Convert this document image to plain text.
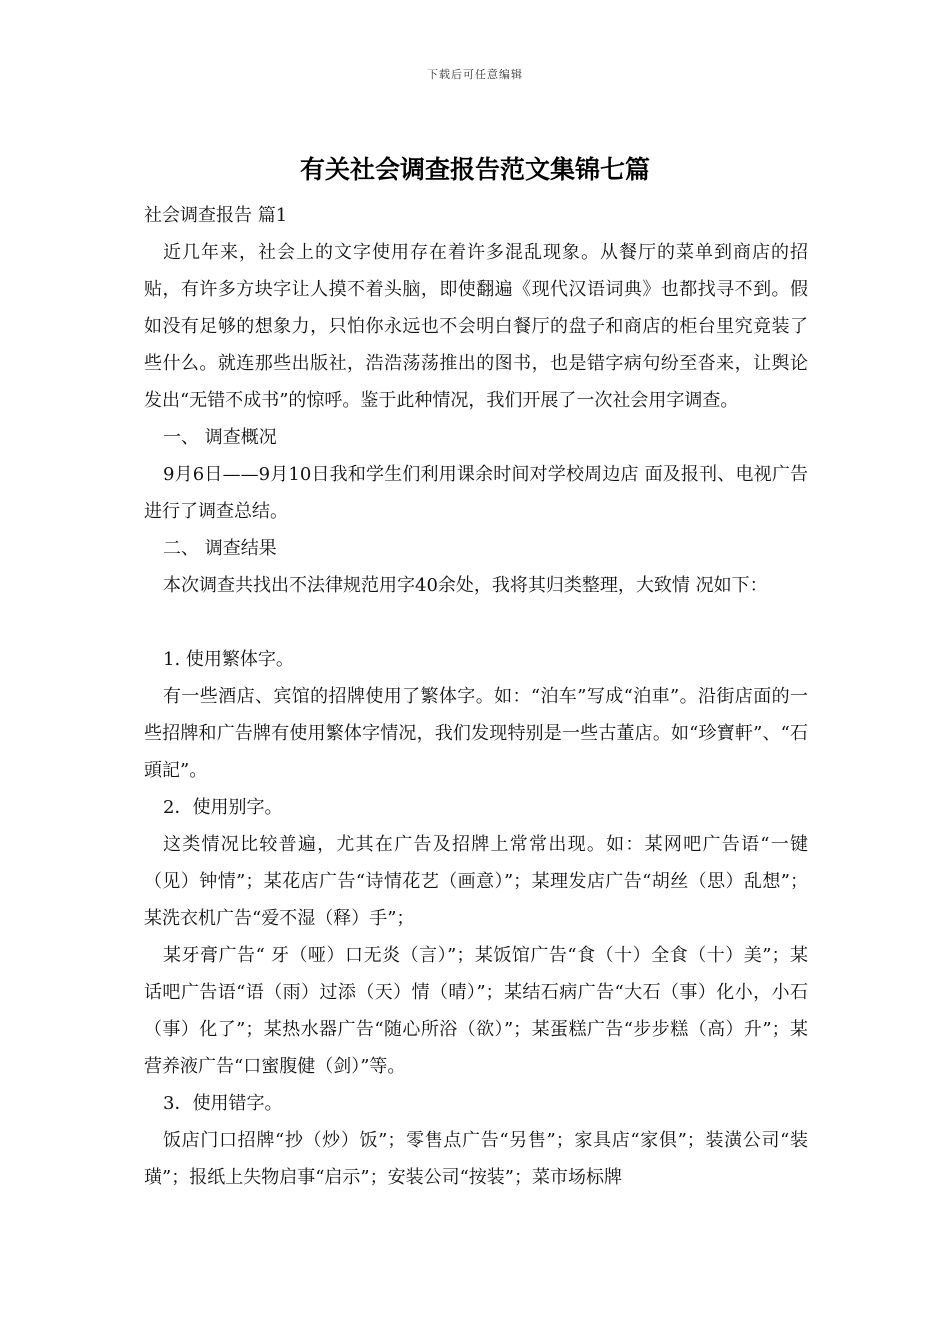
下载后可任意编辑
有关社会调查报告范文集锦七篇

社会调查报告 篇1

近几年来，社会上的文字使用存在着许多混乱现象。从餐厅的菜单到商店的招贴，有许多方块字让人摸不着头脑，即使翻遍《现代汉语词典》也都找寻不到。假如没有足够的想象力，只怕你永远也不会明白餐厅的盘子和商店的柜台里究竟装了些什么。就连那些出版社，浩浩荡荡推出的图书，也是错字病句纷至沓来，让舆论发出“无错不成书”的惊呼。鉴于此种情况，我们开展了一次社会用字调查。

一、 调查概况

9月6日——9月10日我和学生们利用课余时间对学校周边店 面及报刊、电视广告进行了调查总结。

二、 调查结果

本次调查共找出不法律规范用字40余处，我将其归类整理，大致情 况如下：

1. 使用繁体字。

有一些酒店、宾馆的招牌使用了繁体字。如：“泊车”写成“泊車”。沿街店面的一些招牌和广告牌有使用繁体字情况，我们发现特别是一些古董店。如“珍寶軒”、“石頭記”。

2．使用别字。

这类情况比较普遍，尤其在广告及招牌上常常出现。如：某网吧广告语“一键（见）钟情”；某花店广告“诗情花艺（画意）”；某理发店广告“胡丝（思）乱想”；某洗衣机广告“爱不湿（释）手”；

某牙膏广告“ 牙（哑）口无炎（言）”；某饭馆广告“食（十）全食（十）美”；某话吧广告语“语（雨）过添（天）情（晴）”；某结石病广告“大石（事）化小，小石（事）化了”；某热水器广告“随心所浴（欲）”；某蛋糕广告“步步糕（高）升”；某营养液广告“口蜜腹健（剑）”等。

3．使用错字。

饭店门口招牌“抄（炒）饭”；零售点广告“另售”；家具店“家俱”；装潢公司“装璜”；报纸上失物启事“启示”；安装公司“按装”；菜市场标牌
